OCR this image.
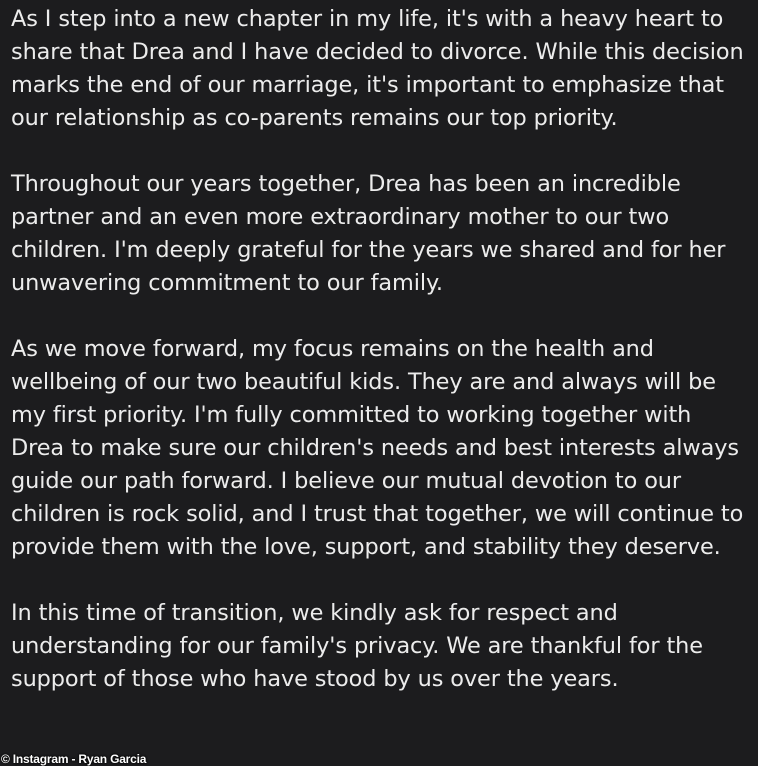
As I step into a new chapter in my life, it's with a heavy heart to share that Drea and I have decided to divorce. While this decision marks the end of our marriage, it's important to emphasize that our relationship as co-parents remains our top priority.

Throughout our years together, Drea has been an incredible partner and an even more extraordinary mother to our two children. I'm deeply grateful for the years we shared and for her unwavering commitment to our family.

As we move forward, my focus remains on the health and wellbeing of our two beautiful kids. They are and always will be my first priority. I'm fully committed to working together with Drea to make sure our children's needs and best interests always guide our path forward. I believe our mutual devotion to our children is rock solid, and I trust that together, we will continue to provide them with the love, support, and stability they deserve.

In this time of transition, we kindly ask for respect and understanding for our family's privacy. We are thankful for the support of those who have stood by us over the years.

© Instagram - Ryan Garcia
